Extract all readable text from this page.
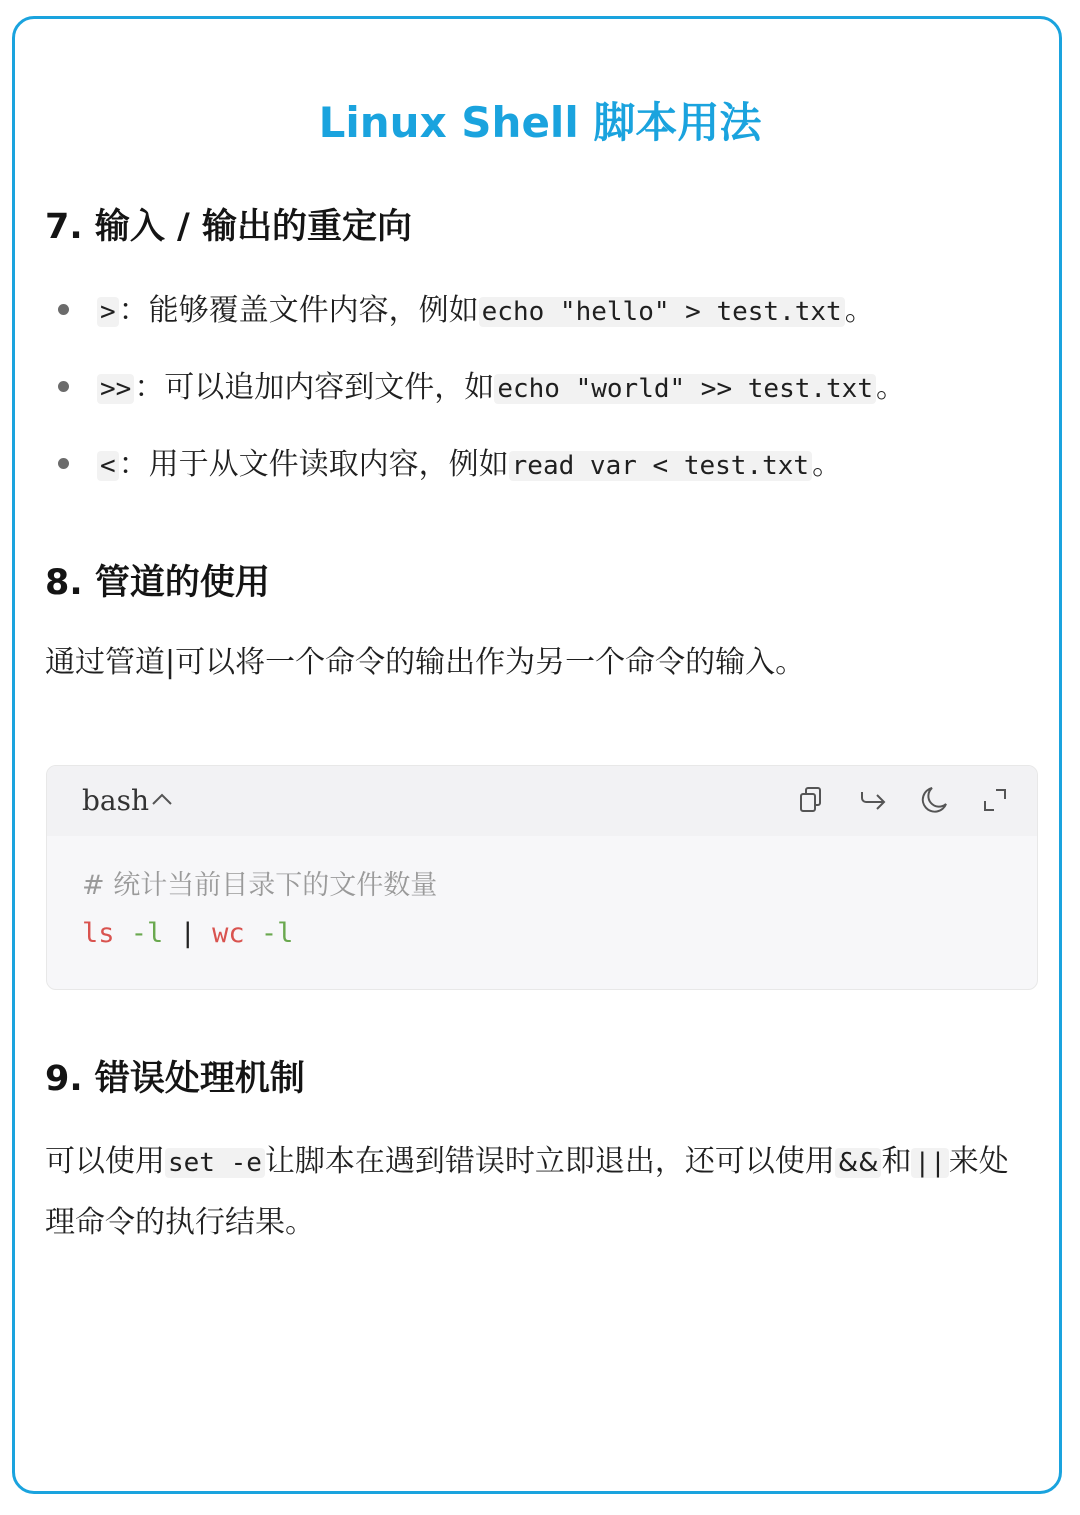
Linux Shell 脚本用法
7. 输入 / 输出的重定向
> ：能够覆盖文件内容，例如 echo "hello" > test.txt 。
>> ：可以追加内容到文件，如 echo "world" >> test.txt 。
< ：用于从文件读取内容，例如 read var < test.txt 。
8. 管道的使用
通过管道|可以将一个命令的输出作为另一个命令的输入。
bash
# 统计当前目录下的文件数量
ls -l | wc -l
9. 错误处理机制
可以使用 set -e 让脚本在遇到错误时立即退出，还可以使用 && 和 || 来处理命令的执行结果。
